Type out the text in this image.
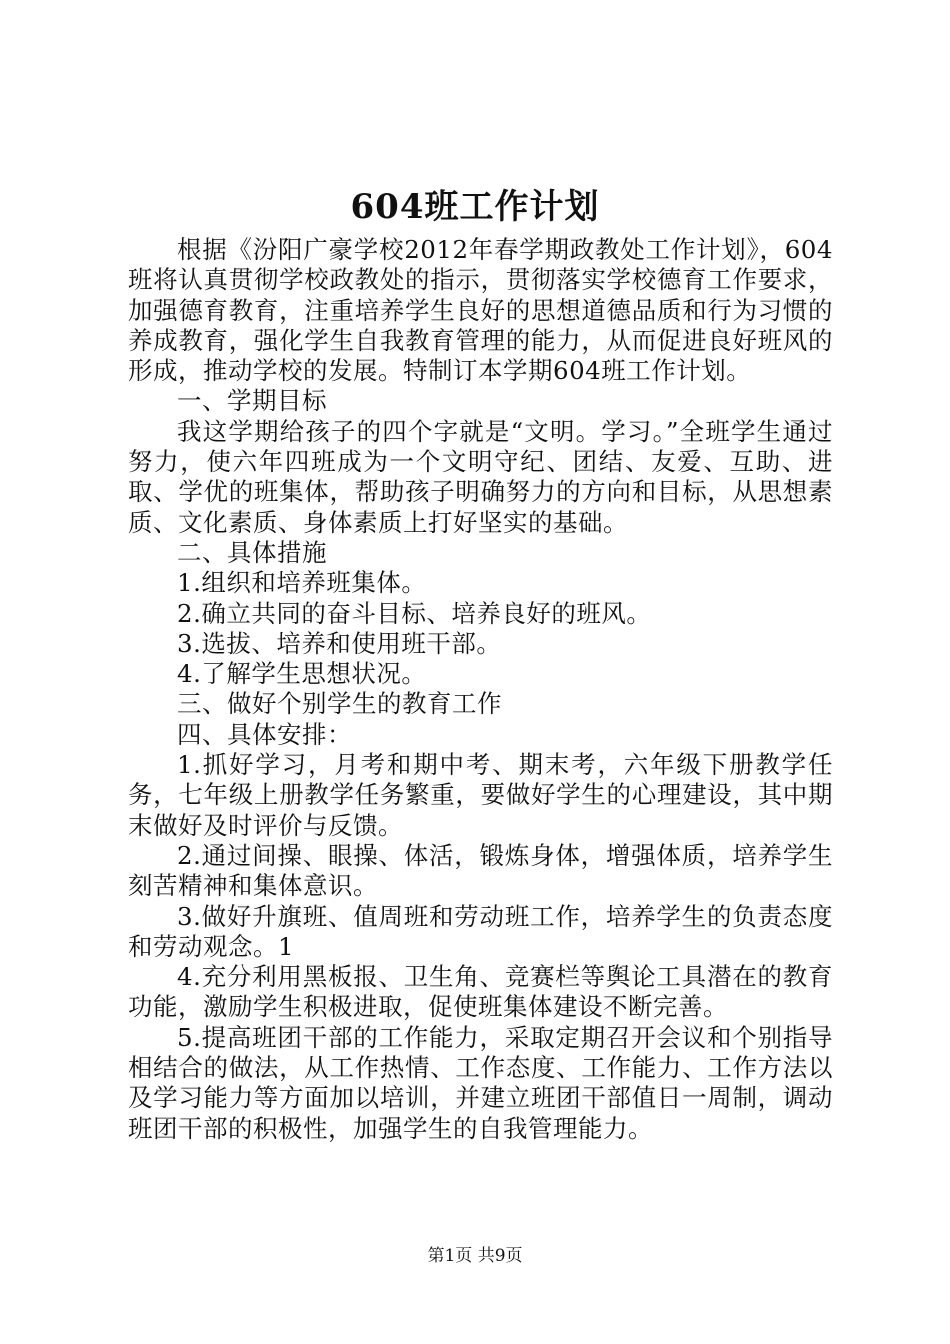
604班工作计划

根据《汾阳广豪学校2012年春学期政教处工作计划》，604班将认真贯彻学校政教处的指示，贯彻落实学校德育工作要求，加强德育教育，注重培养学生良好的思想道德品质和行为习惯的养成教育，强化学生自我教育管理的能力，从而促进良好班风的形成，推动学校的发展。特制订本学期604班工作计划。

一、学期目标

我这学期给孩子的四个字就是“文明。学习。”全班学生通过努力，使六年四班成为一个文明守纪、团结、友爱、互助、进取、学优的班集体，帮助孩子明确努力的方向和目标，从思想素质、文化素质、身体素质上打好坚实的基础。

二、具体措施

1.组织和培养班集体。

2.确立共同的奋斗目标、培养良好的班风。

3.选拔、培养和使用班干部。

4.了解学生思想状况。

三、做好个别学生的教育工作

四、具体安排：

1.抓好学习，月考和期中考、期末考，六年级下册教学任务，七年级上册教学任务繁重，要做好学生的心理建设，其中期末做好及时评价与反馈。

2.通过间操、眼操、体活，锻炼身体，增强体质，培养学生刻苦精神和集体意识。

3.做好升旗班、值周班和劳动班工作，培养学生的负责态度和劳动观念。1

4.充分利用黑板报、卫生角、竞赛栏等舆论工具潜在的教育功能，激励学生积极进取，促使班集体建设不断完善。

5.提高班团干部的工作能力，采取定期召开会议和个别指导相结合的做法，从工作热情、工作态度、工作能力、工作方法以及学习能力等方面加以培训，并建立班团干部值日一周制，调动班团干部的积极性，加强学生的自我管理能力。

第1页 共9页
